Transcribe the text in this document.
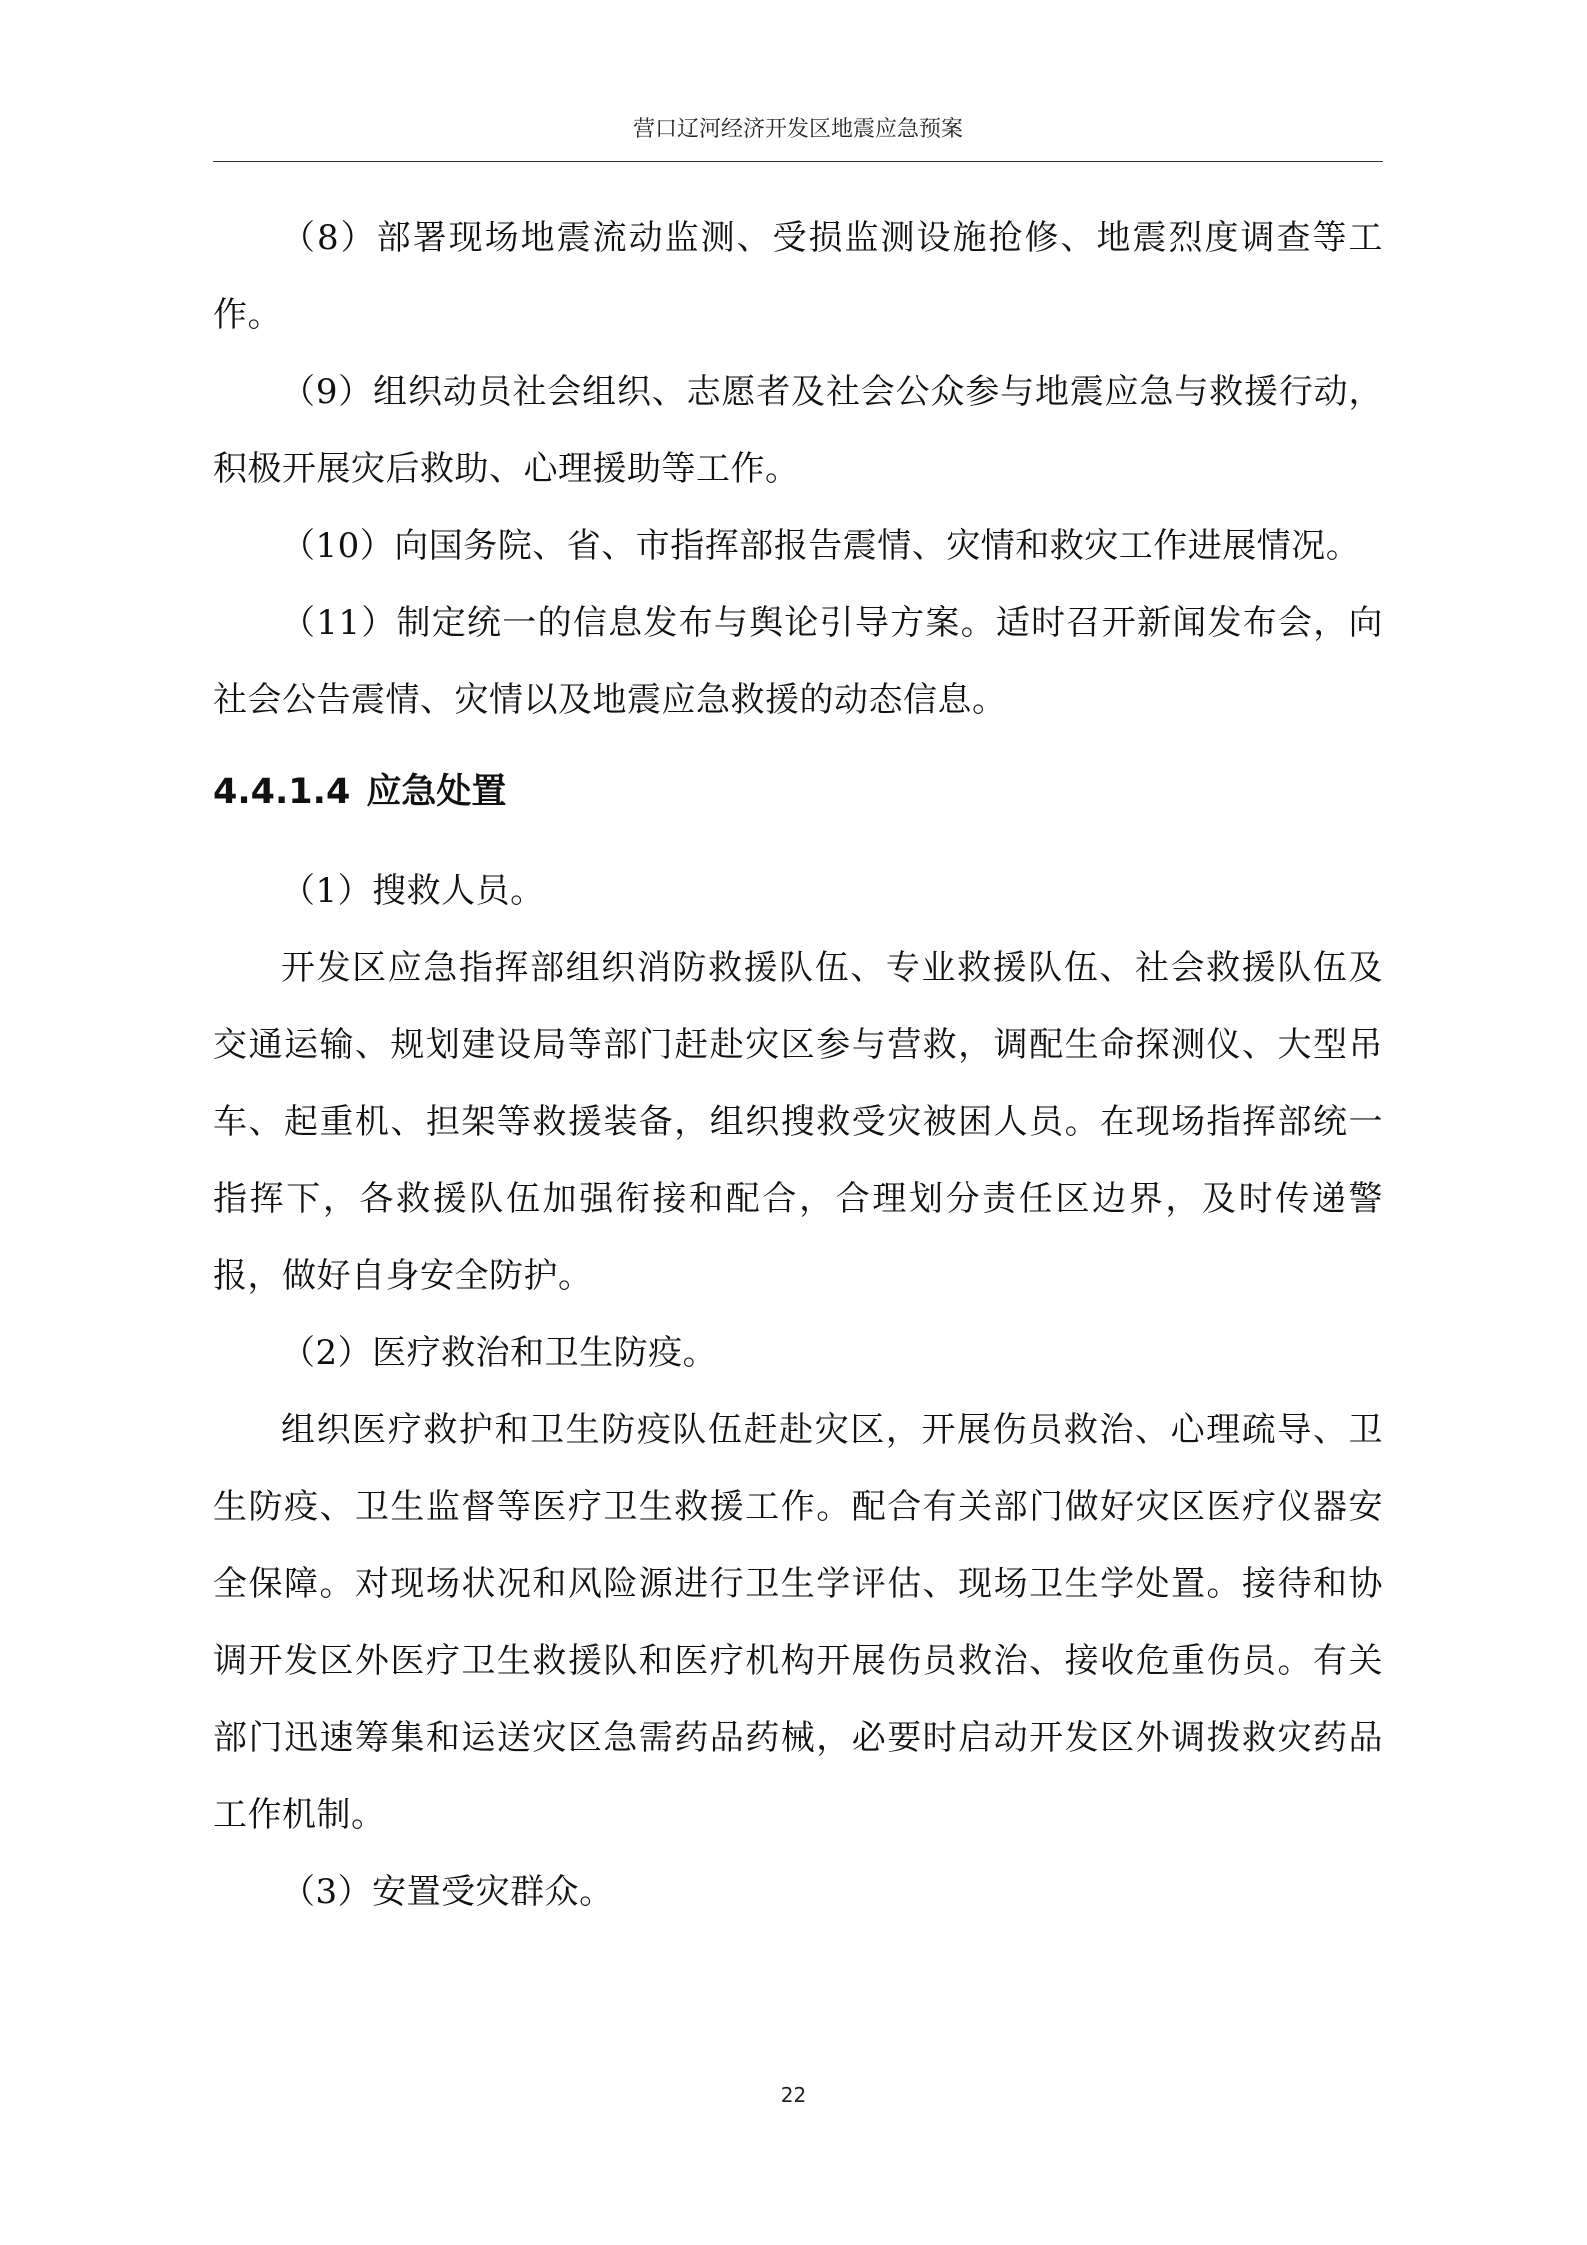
营口辽河经济开发区地震应急预案

（8）部署现场地震流动监测、受损监测设施抢修、地震烈度调查等工作。

（9）组织动员社会组织、志愿者及社会公众参与地震应急与救援行动，积极开展灾后救助、心理援助等工作。

（10）向国务院、省、市指挥部报告震情、灾情和救灾工作进展情况。

（11）制定统一的信息发布与舆论引导方案。适时召开新闻发布会，向社会公告震情、灾情以及地震应急救援的动态信息。

4.4.1.4 应急处置

（1）搜救人员。

开发区应急指挥部组织消防救援队伍、专业救援队伍、社会救援队伍及交通运输、规划建设局等部门赶赴灾区参与营救，调配生命探测仪、大型吊车、起重机、担架等救援装备，组织搜救受灾被困人员。在现场指挥部统一指挥下，各救援队伍加强衔接和配合，合理划分责任区边界，及时传递警报，做好自身安全防护。

（2）医疗救治和卫生防疫。

组织医疗救护和卫生防疫队伍赶赴灾区，开展伤员救治、心理疏导、卫生防疫、卫生监督等医疗卫生救援工作。配合有关部门做好灾区医疗仪器安全保障。对现场状况和风险源进行卫生学评估、现场卫生学处置。接待和协调开发区外医疗卫生救援队和医疗机构开展伤员救治、接收危重伤员。有关部门迅速筹集和运送灾区急需药品药械，必要时启动开发区外调拨救灾药品工作机制。

（3）安置受灾群众。

22
